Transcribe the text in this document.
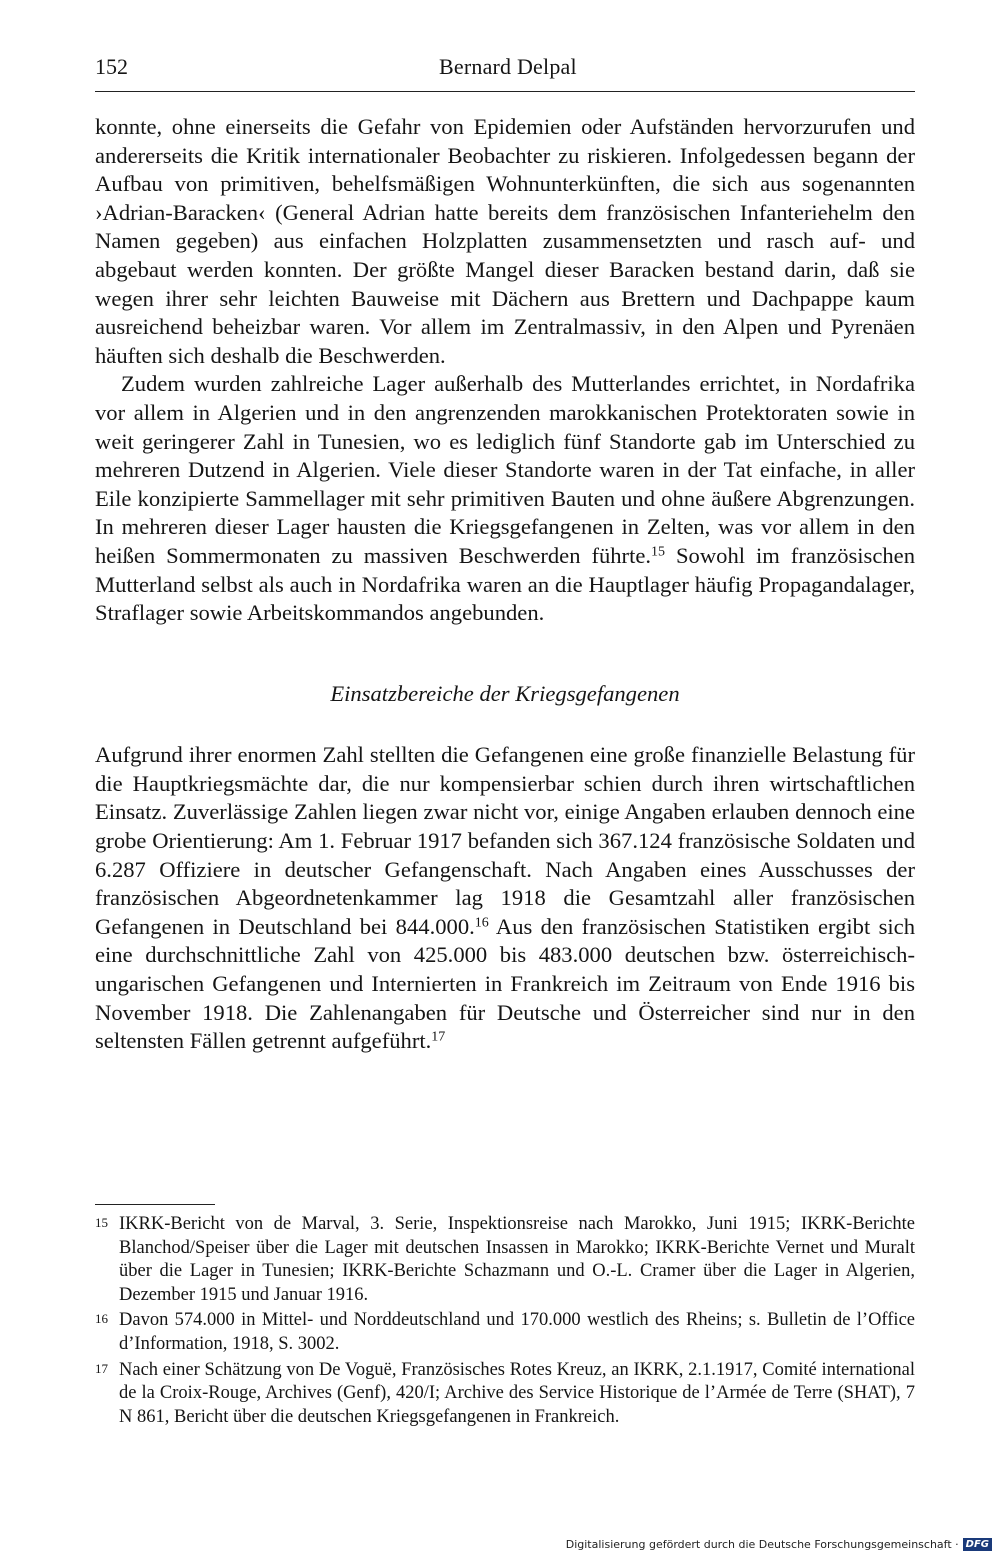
152	Bernard Delpal

konnte, ohne einerseits die Gefahr von Epidemien oder Aufständen hervorzurufen und andererseits die Kritik internationaler Beobachter zu riskieren. Infolgedessen begann der Aufbau von primitiven, behelfsmäßigen Wohnunterkünften, die sich aus sogenannten ›Adrian-Baracken‹ (General Adrian hatte bereits dem französischen Infanteriehelm den Namen gegeben) aus einfachen Holzplatten zusammensetzten und rasch auf- und abgebaut werden konnten. Der größte Mangel dieser Baracken bestand darin, daß sie wegen ihrer sehr leichten Bauweise mit Dächern aus Brettern und Dachpappe kaum ausreichend beheizbar waren. Vor allem im Zentralmassiv, in den Alpen und Pyrenäen häuften sich deshalb die Beschwerden.

Zudem wurden zahlreiche Lager außerhalb des Mutterlandes errichtet, in Nordafrika vor allem in Algerien und in den angrenzenden marokkanischen Protektoraten sowie in weit geringerer Zahl in Tunesien, wo es lediglich fünf Standorte gab im Unterschied zu mehreren Dutzend in Algerien. Viele dieser Standorte waren in der Tat einfache, in aller Eile konzipierte Sammellager mit sehr primitiven Bauten und ohne äußere Abgrenzungen. In mehreren dieser Lager hausten die Kriegsgefangenen in Zelten, was vor allem in den heißen Sommermonaten zu massiven Beschwerden führte.$^{15}$ Sowohl im französischen Mutterland selbst als auch in Nordafrika waren an die Hauptlager häufig Propagandalager, Straflager sowie Arbeitskommandos angebunden.

Einsatzbereiche der Kriegsgefangenen

Aufgrund ihrer enormen Zahl stellten die Gefangenen eine große finanzielle Belastung für die Hauptkriegsmächte dar, die nur kompensierbar schien durch ihren wirtschaftlichen Einsatz. Zuverlässige Zahlen liegen zwar nicht vor, einige Angaben erlauben dennoch eine grobe Orientierung: Am 1. Februar 1917 befanden sich 367.124 französische Soldaten und 6.287 Offiziere in deutscher Gefangenschaft. Nach Angaben eines Ausschusses der französischen Abgeordnetenkammer lag 1918 die Gesamtzahl aller französischen Gefangenen in Deutschland bei 844.000.16 Aus den französischen Statistiken ergibt sich eine durchschnittliche Zahl von 425.000 bis 483.000 deutschen bzw. österreichisch-ungarischen Gefangenen und Internierten in Frankreich im Zeitraum von Ende 1916 bis November 1918. Die Zahlenangaben für Deutsche und Österreicher sind nur in den seltensten Fällen getrennt aufgeführt.$^{17}$

15 IKRK-Bericht von de Marval, 3. Serie, Inspektionsreise nach Marokko, Juni 1915; IKRK-Berichte Blanchod/Speiser über die Lager mit deutschen Insassen in Marokko; IKRK-Berichte Vernet und Muralt über die Lager in Tunesien; IKRK-Berichte Schazmann und O.-L. Cramer über die Lager in Algerien, Dezember 1915 und Januar 1916.
16 Davon 574.000 in Mittel- und Norddeutschland und 170.000 westlich des Rheins; s. Bulletin de l’Office d’Information, 1918, S. 3002.
17 Nach einer Schätzung von De Voguë, Französisches Rotes Kreuz, an IKRK, 2.1.1917, Comité international de la Croix-Rouge, Archives (Genf), 420/I; Archive des Service Historique de l’Armée de Terre (SHAT), 7 N 861, Bericht über die deutschen Kriegsgefangenen in Frankreich.
Digitalisierung gefördert durch die Deutsche Forschungsgemeinschaft · DFG
